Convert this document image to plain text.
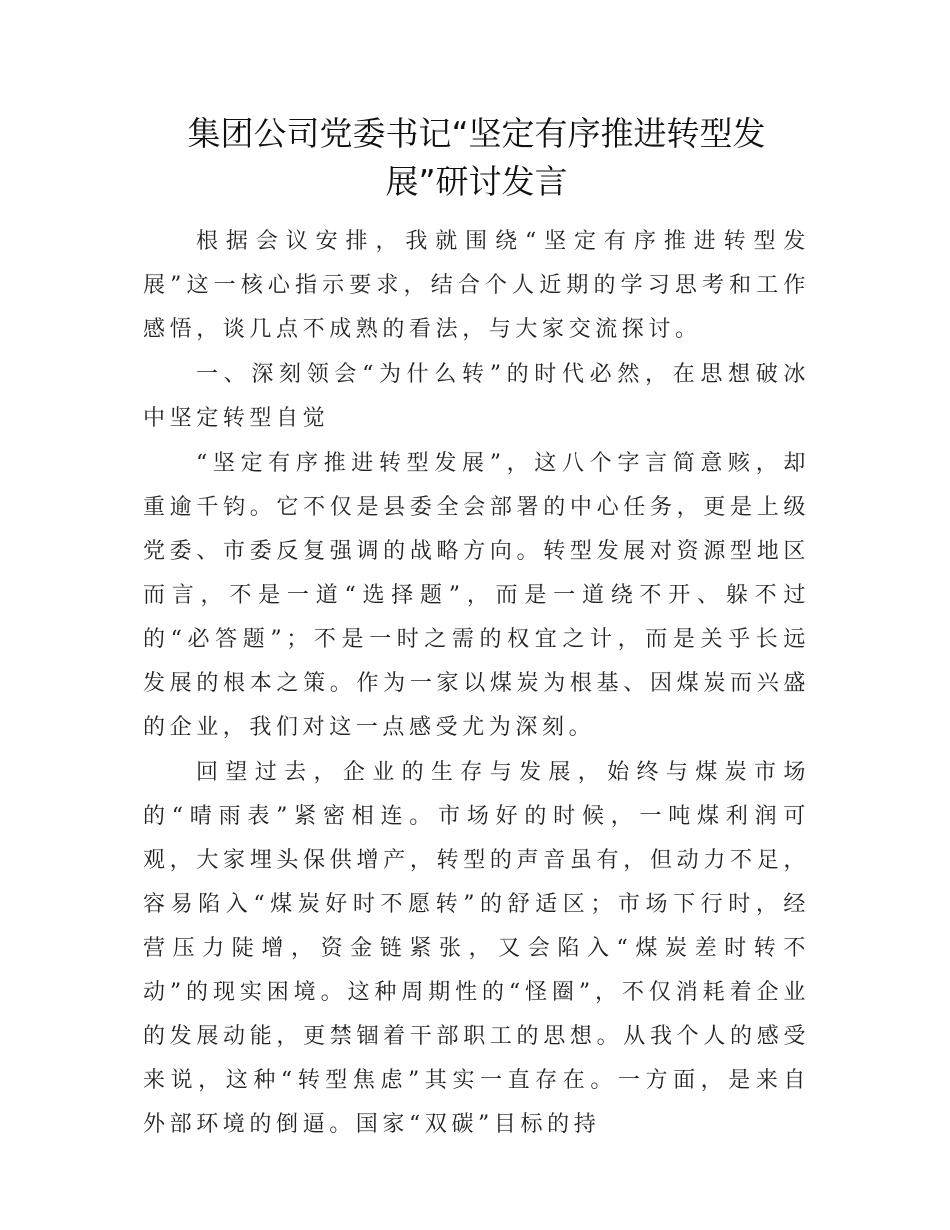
集团公司党委书记“坚定有序推进转型发
展”研讨发言

根据会议安排，我就围绕“坚定有序推进转型发展”这一核心指示要求，结合个人近期的学习思考和工作感悟，谈几点不成熟的看法，与大家交流探讨。

一、深刻领会“为什么转”的时代必然，在思想破冰中坚定转型自觉

“坚定有序推进转型发展”，这八个字言简意赅，却重逾千钧。它不仅是县委全会部署的中心任务，更是上级党委、市委反复强调的战略方向。转型发展对资源型地区而言，不是一道“选择题”，而是一道绕不开、躲不过的“必答题”；不是一时之需的权宜之计，而是关乎长远发展的根本之策。作为一家以煤炭为根基、因煤炭而兴盛的企业，我们对这一点感受尤为深刻。

回望过去，企业的生存与发展，始终与煤炭市场的“晴雨表”紧密相连。市场好的时候，一吨煤利润可观，大家埋头保供增产，转型的声音虽有，但动力不足，容易陷入“煤炭好时不愿转”的舒适区；市场下行时，经营压力陡增，资金链紧张，又会陷入“煤炭差时转不动”的现实困境。这种周期性的“怪圈”，不仅消耗着企业的发展动能，更禁锢着干部职工的思想。从我个人的感受来说，这种“转型焦虑”其实一直存在。一方面，是来自外部环境的倒逼。国家“双碳”目标的持
